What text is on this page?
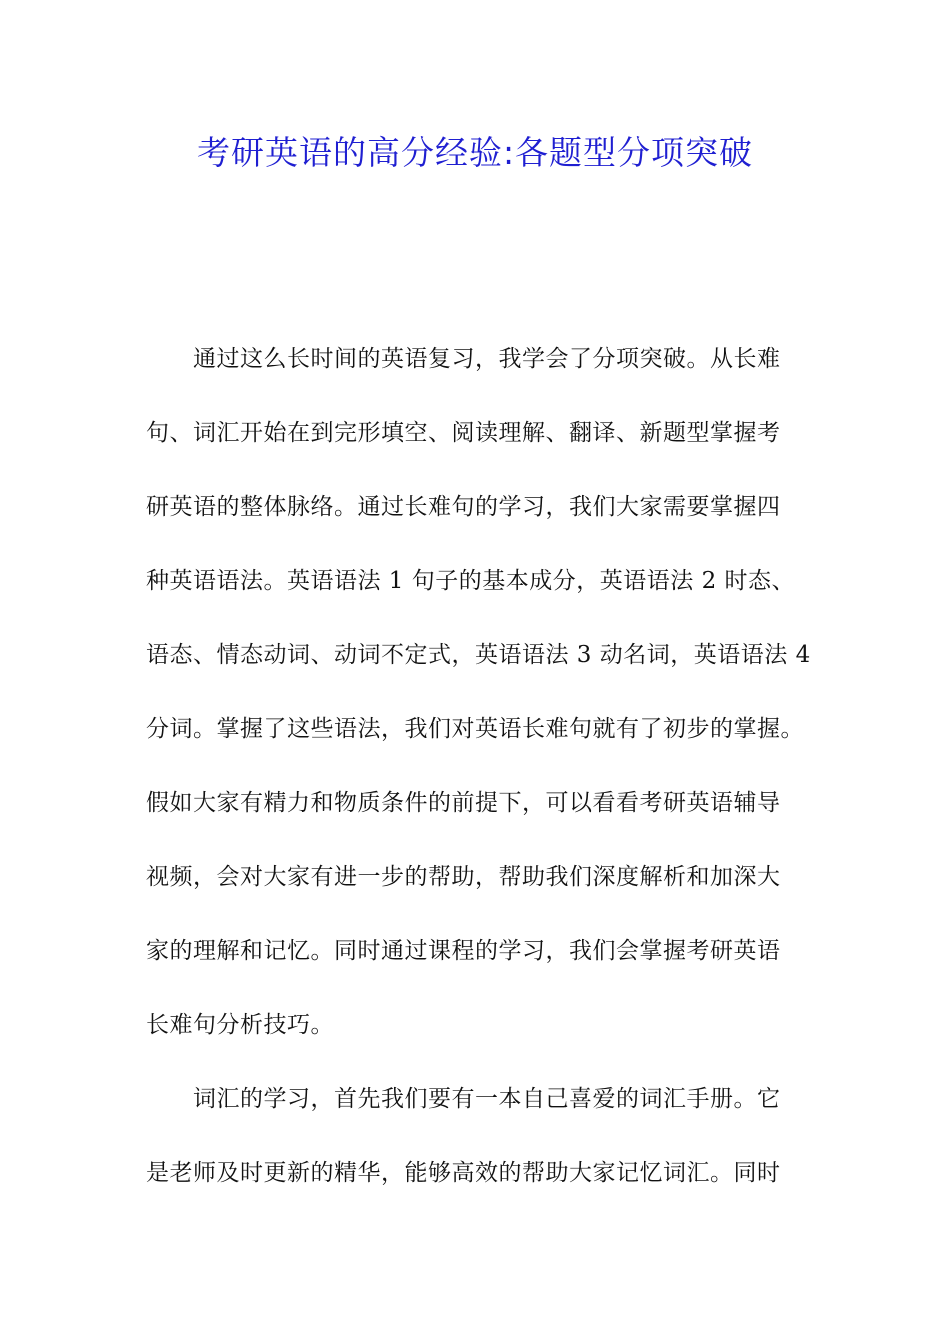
考研英语的高分经验:各题型分项突破

通过这么长时间的英语复习，我学会了分项突破。从长难
句、词汇开始在到完形填空、阅读理解、翻译、新题型掌握考
研英语的整体脉络。通过长难句的学习，我们大家需要掌握四
种英语语法。英语语法 1 句子的基本成分，英语语法 2 时态、
语态、情态动词、动词不定式，英语语法 3 动名词，英语语法 4
分词。掌握了这些语法，我们对英语长难句就有了初步的掌握。
假如大家有精力和物质条件的前提下，可以看看考研英语辅导
视频，会对大家有进一步的帮助，帮助我们深度解析和加深大
家的理解和记忆。同时通过课程的学习，我们会掌握考研英语
长难句分析技巧。

词汇的学习，首先我们要有一本自己喜爱的词汇手册。它
是老师及时更新的精华，能够高效的帮助大家记忆词汇。同时
